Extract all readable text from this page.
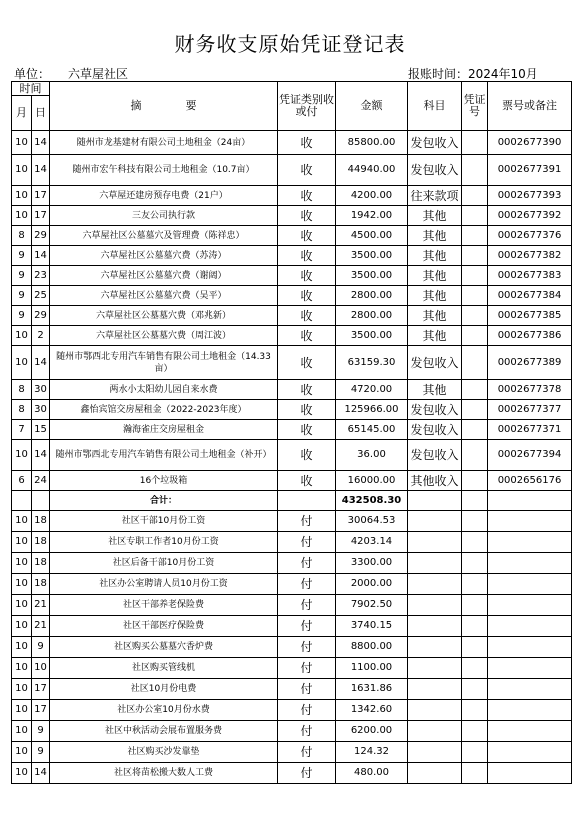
财务收支原始凭证登记表
单位： 六草屋社区	报账时间：2024年10月
时间		摘　　　　要	凭证类别收或付	金额	科目	凭证号	票号或备注
月	日						
10	14	随州市龙基建材有限公司土地租金（24亩）	收	85800.00	发包收入		0002677390
10	14	随州市宏午科技有限公司土地租金（10.7亩）	收	44940.00	发包收入		0002677391
10	17	六草屋还建房预存电费（21户）	收	4200.00	往来款项		0002677393
10	17	三友公司执行款	收	1942.00	其他		0002677392
8	29	六草屋社区公墓墓穴及管理费（陈祥忠）	收	4500.00	其他		0002677376
9	14	六草屋社区公墓墓穴费（苏涛）	收	3500.00	其他		0002677382
9	23	六草屋社区公墓墓穴费（谢阔）	收	3500.00	其他		0002677383
9	25	六草屋社区公墓墓穴费（吴平）	收	2800.00	其他		0002677384
9	29	六草屋社区公墓墓穴费（邓兆新）	收	2800.00	其他		0002677385
10	2	六草屋社区公墓墓穴费（周江波）	收	3500.00	其他		0002677386
10	14	随州市鄂西北专用汽车销售有限公司土地租金（14.33亩）	收	63159.30	发包收入		0002677389
8	30	两水小太阳幼儿园自来水费	收	4720.00	其他		0002677378
8	30	鑫怡宾馆交房屋租金（2022-2023年度）	收	125966.00	发包收入		0002677377
7	15	瀚海雀庄交房屋租金	收	65145.00	发包收入		0002677371
10	14	随州市鄂西北专用汽车销售有限公司土地租金（补开）	收	36.00	发包收入		0002677394
6	24	16个垃圾箱	收	16000.00	其他收入		0002656176
		合计：		432508.30			
10	18	社区干部10月份工资	付	30064.53			
10	18	社区专职工作者10月份工资	付	4203.14			
10	18	社区后备干部10月份工资	付	3300.00			
10	18	社区办公室聘请人员10月份工资	付	2000.00			
10	21	社区干部养老保险费	付	7902.50			
10	21	社区干部医疗保险费	付	3740.15			
10	9	社区购买公墓墓穴香炉费	付	8800.00			
10	10	社区购买管线机	付	1100.00			
10	17	社区10月份电费	付	1631.86			
10	17	社区办公室10月份水费	付	1342.60			
10	9	社区中秋活动会展布置服务费	付	6200.00			
10	9	社区购买沙发靠垫	付	124.32			
10	14	社区将苗松搬大数人工费	付	480.00			
